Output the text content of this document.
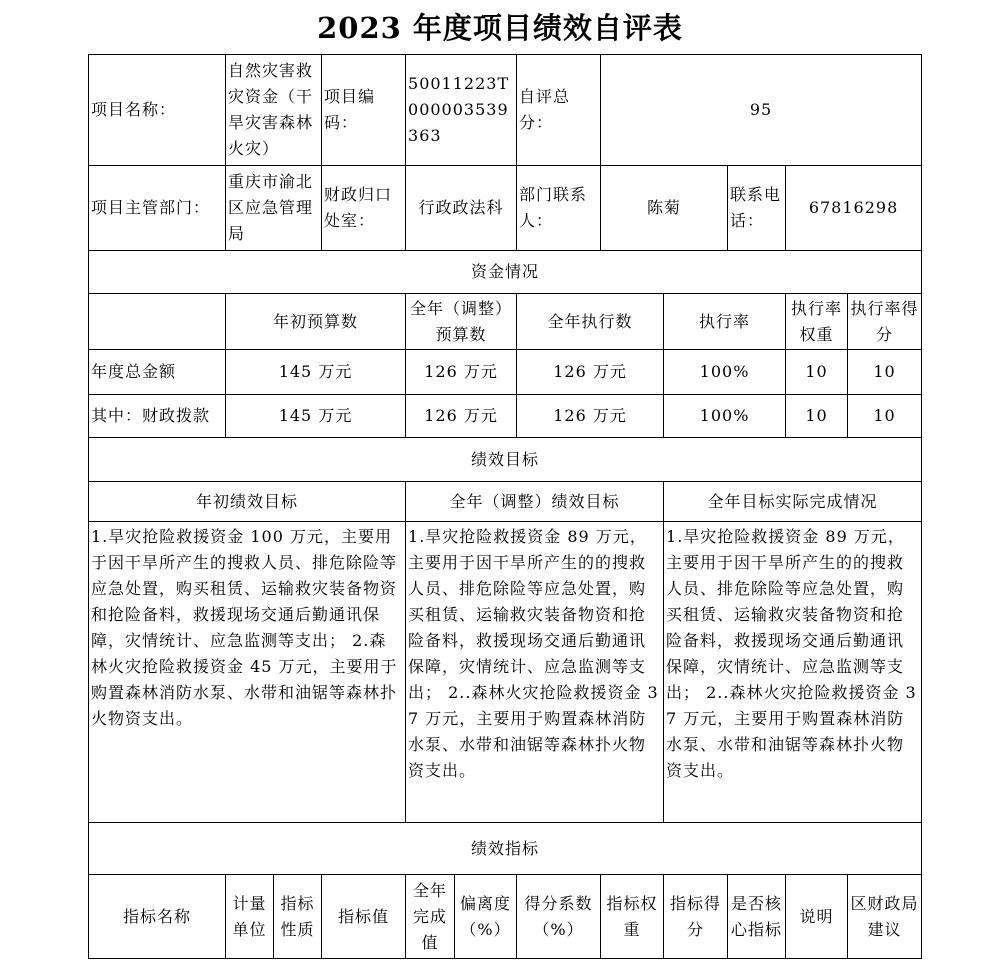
2023 年度项目绩效自评表
项目名称：	自然灾害救灾资金（干旱灾害森林火灾）		项目编码：	50011223T000003539363		自评总分：	95				
项目主管部门：	重庆市渝北区应急管理局		财政归口处室：	行政政法科		部门联系人：	陈菊		联系电话：	67816298	
资金情况											
	年初预算数			全年（调整）预算数		全年执行数		执行率		执行率权重	执行率得分
年度总金额	145 万元			126 万元		126 万元		100%		10	10
其中：财政拨款	145 万元			126 万元		126 万元		100%		10	10
绩效目标											
年初绩效目标				全年（调整）绩效目标				全年目标实际完成情况			
1.旱灾抢险救援资金 100 万元，主要用于因干旱所产生的搜救人员、排危除险等应急处置，购买租赁、运输救灾装备物资和抢险备料，救援现场交通后勤通讯保障，灾情统计、应急监测等支出； 2.森林火灾抢险救援资金 45 万元，主要用于购置森林消防水泵、水带和油锯等森林扑火物资支出。				1.旱灾抢险救援资金 89 万元，主要用于因干旱所产生的的搜救人员、排危除险等应急处置，购买租赁、运输救灾装备物资和抢险备料，救援现场交通后勤通讯保障，灾情统计、应急监测等支出； 2..森林火灾抢险救援资金 37 万元，主要用于购置森林消防水泵、水带和油锯等森林扑火物资支出。				1.旱灾抢险救援资金 89 万元，主要用于因干旱所产生的的搜救人员、排危除险等应急处置，购买租赁、运输救灾装备物资和抢险备料，救援现场交通后勤通讯保障，灾情统计、应急监测等支出； 2..森林火灾抢险救援资金 37 万元，主要用于购置森林消防水泵、水带和油锯等森林扑火物资支出。			
绩效指标											
指标名称	计量单位	指标性质	指标值	全年完成值	偏离度（%）	得分系数（%）	指标权重	指标得分	是否核心指标	说明	区财政局建议
